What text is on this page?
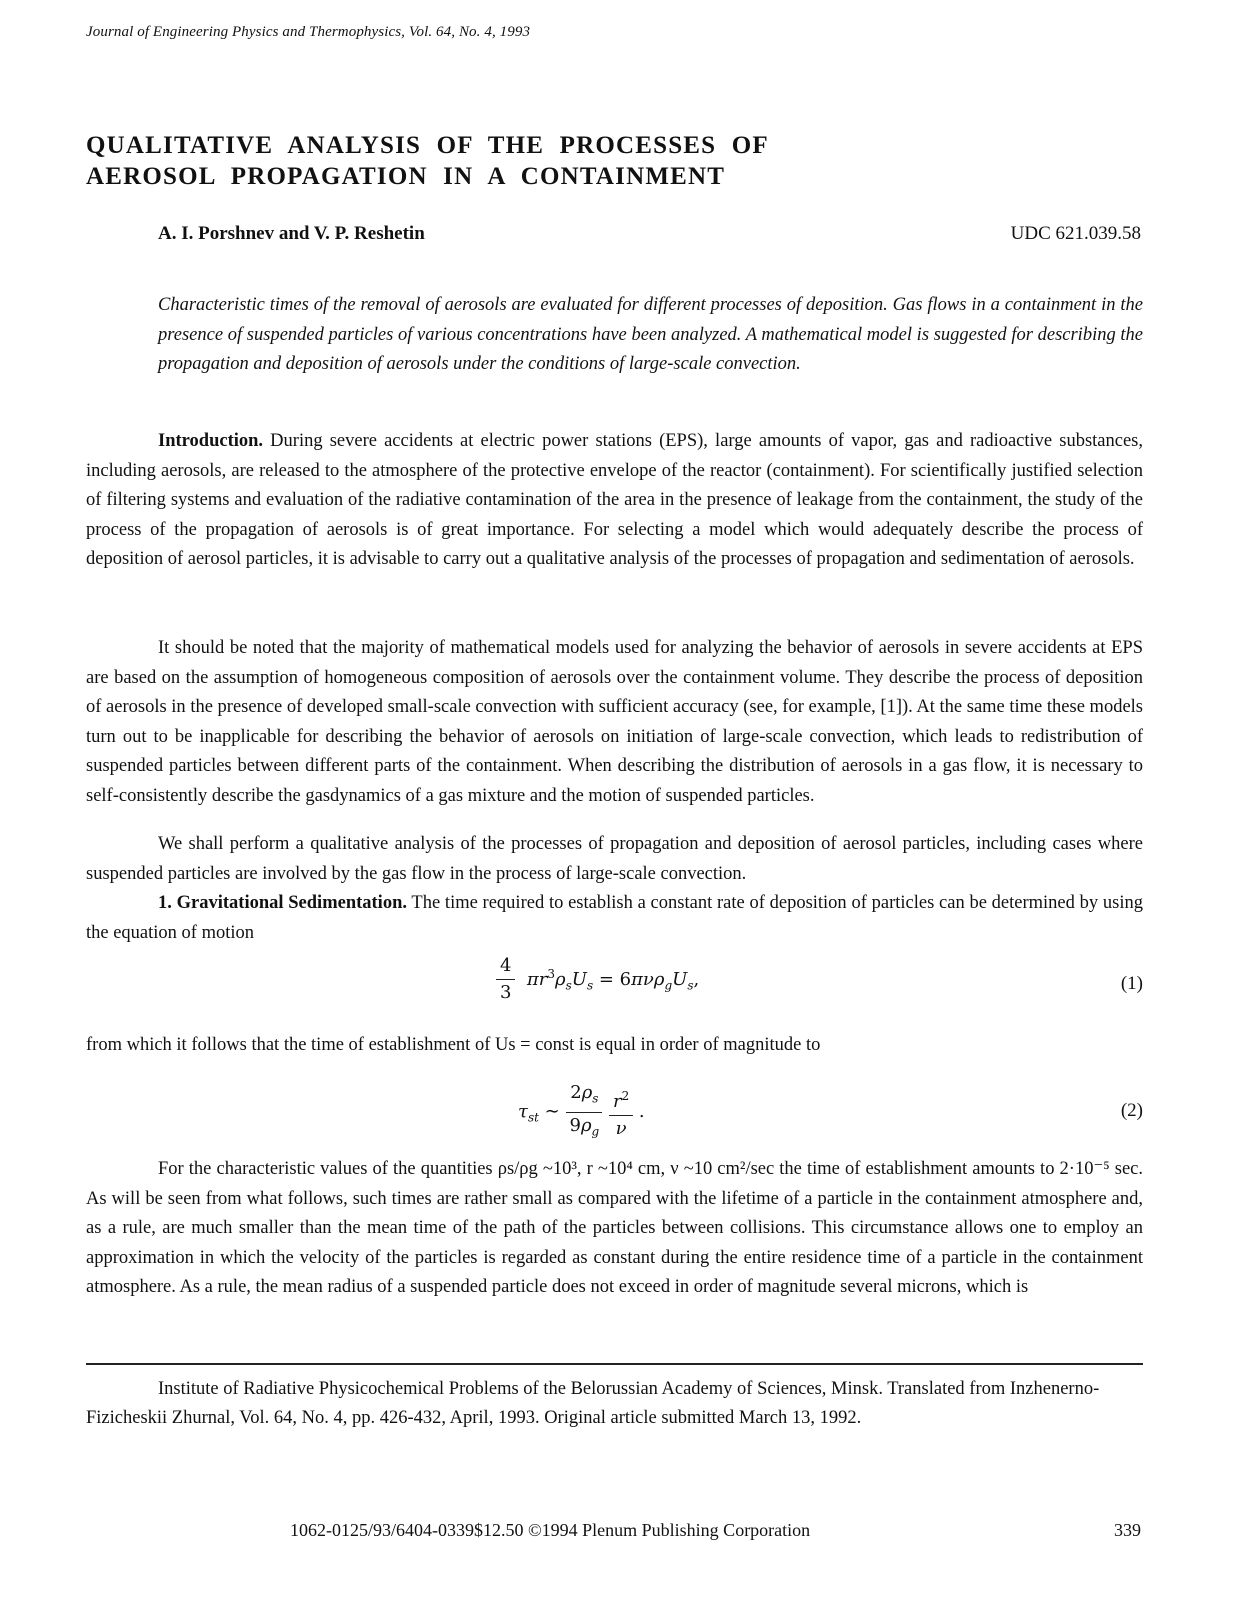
Journal of Engineering Physics and Thermophysics, Vol. 64, No. 4, 1993
QUALITATIVE ANALYSIS OF THE PROCESSES OF
AEROSOL PROPAGATION IN A CONTAINMENT
A. I. Porshnev and V. P. Reshetin	UDC 621.039.58

Characteristic times of the removal of aerosols are evaluated for different processes of deposition. Gas flows in a containment in the presence of suspended particles of various concentrations have been analyzed. A mathematical model is suggested for describing the propagation and deposition of aerosols under the conditions of large-scale convection.

Introduction. During severe accidents at electric power stations (EPS), large amounts of vapor, gas and radioactive substances, including aerosols, are released to the atmosphere of the protective envelope of the reactor (containment). For scientifically justified selection of filtering systems and evaluation of the radiative contamination of the area in the presence of leakage from the containment, the study of the process of the propagation of aerosols is of great importance. For selecting a model which would adequately describe the process of deposition of aerosol particles, it is advisable to carry out a qualitative analysis of the processes of propagation and sedimentation of aerosols.

It should be noted that the majority of mathematical models used for analyzing the behavior of aerosols in severe accidents at EPS are based on the assumption of homogeneous composition of aerosols over the containment volume. They describe the process of deposition of aerosols in the presence of developed small-scale convection with sufficient accuracy (see, for example, [1]). At the same time these models turn out to be inapplicable for describing the behavior of aerosols on initiation of large-scale convection, which leads to redistribution of suspended particles between different parts of the containment. When describing the distribution of aerosols in a gas flow, it is necessary to self-consistently describe the gasdynamics of a gas mixture and the motion of suspended particles.

We shall perform a qualitative analysis of the processes of propagation and deposition of aerosol particles, including cases where suspended particles are involved by the gas flow in the process of large-scale convection.

1. Gravitational Sedimentation. The time required to establish a constant rate of deposition of particles can be determined by using the equation of motion

$\frac{4}{3} \pi r^3\rho_sU_s = 6\pi\nu\rho_gU_s$,	(1)

from which it follows that the time of establishment of Us = const is equal in order of magnitude to

$\tau_{st}$ ∼ $\frac{2\rho_s}{9\rho_g}$
$\frac{r^2}{\nu}$ .	(2)

For the characteristic values of the quantities ρs/ρg ~10³, r ~10⁴ cm, ν ~10 cm²/sec the time of establishment amounts to 2·10⁻⁵ sec. As will be seen from what follows, such times are rather small as compared with the lifetime of a particle in the containment atmosphere and, as a rule, are much smaller than the mean time of the path of the particles between collisions. This circumstance allows one to employ an approximation in which the velocity of the particles is regarded as constant during the entire residence time of a particle in the containment atmosphere. As a rule, the mean radius of a suspended particle does not exceed in order of magnitude several microns, which is

Institute of Radiative Physicochemical Problems of the Belorussian Academy of Sciences, Minsk. Translated from Inzhenerno-Fizicheskii Zhurnal, Vol. 64, No. 4, pp. 426-432, April, 1993. Original article submitted March 13, 1992.

1062-0125/93/6404-0339$12.50 ©1994 Plenum Publishing Corporation	339
